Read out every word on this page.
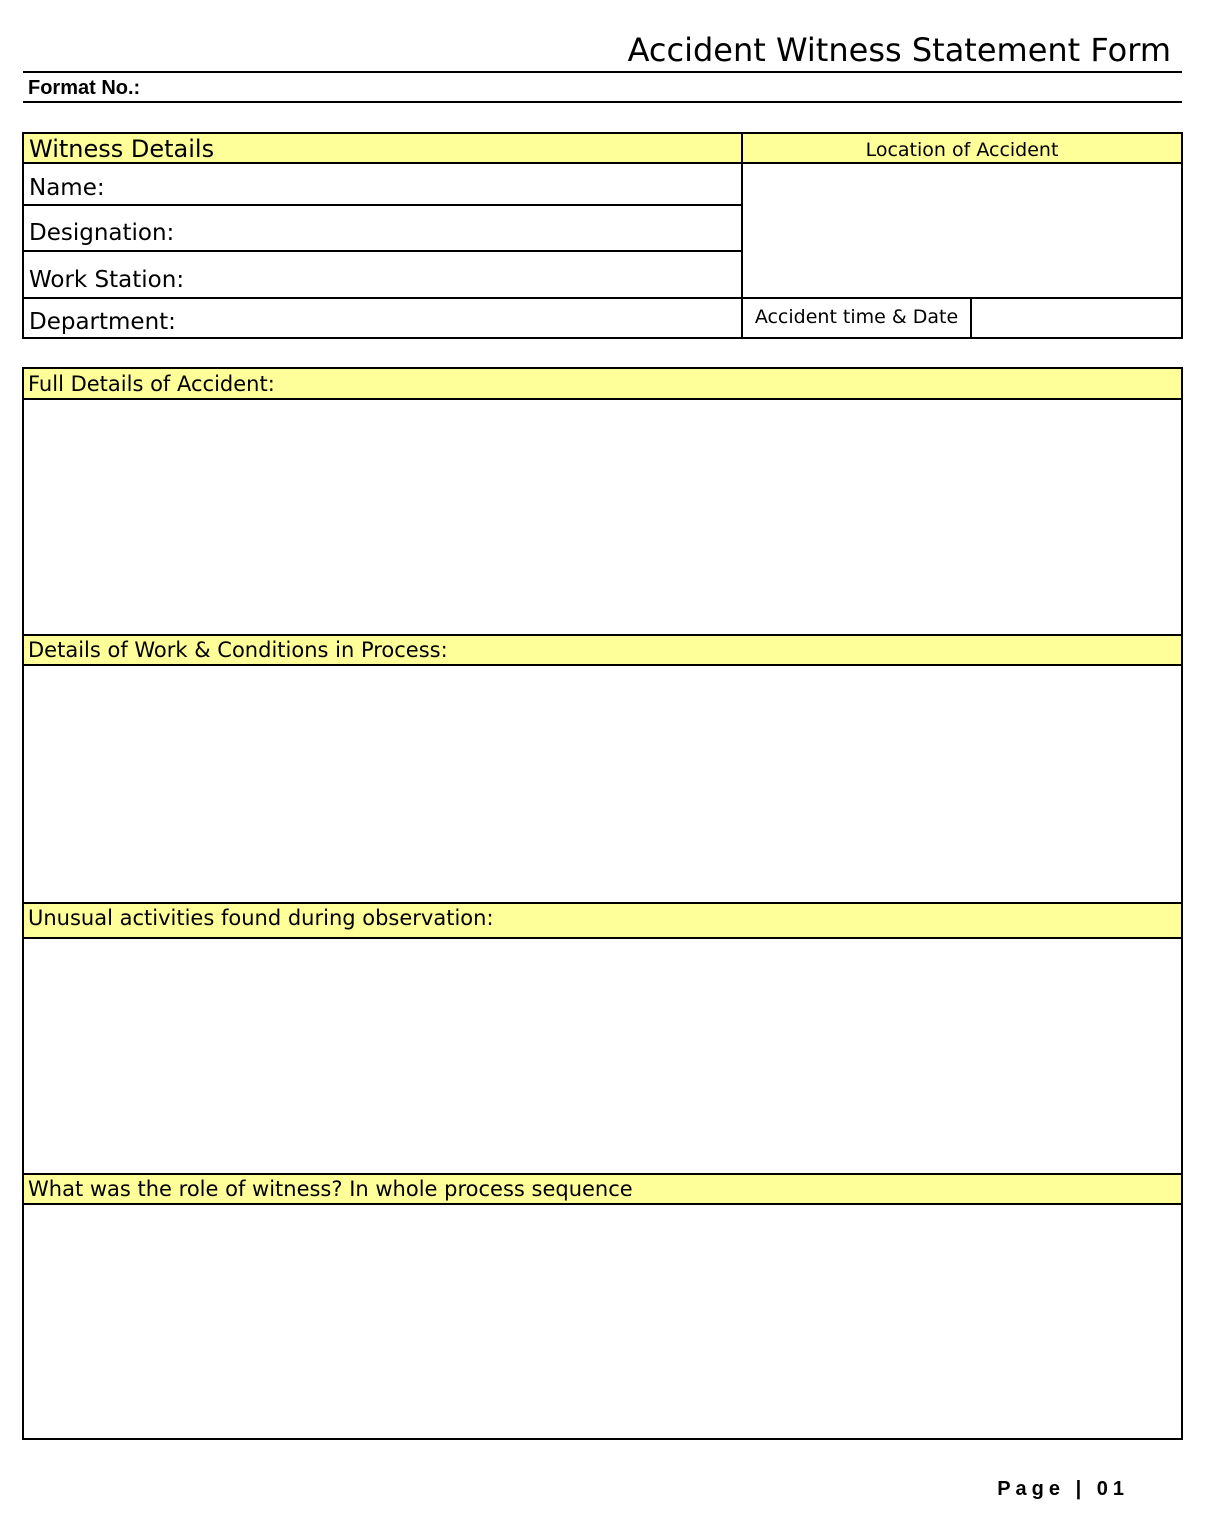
Accident Witness Statement Form
Format No.:
Witness Details
Name:
Designation:
Work Station:
Department:
Location of Accident
Accident time & Date
Full Details of Accident:
Details of Work & Conditions in Process:
Unusual activities found during observation:
What was the role of witness? In whole process sequence
Page | 01
